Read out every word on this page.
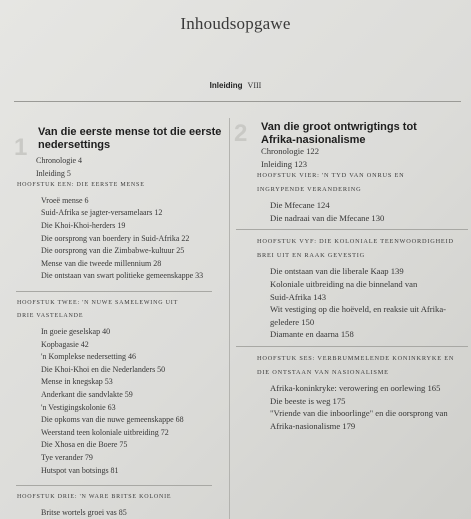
Inhoudsopgawe
Inleiding VIII
1
Van die eerste mense tot die eerste
nedersettings
Chronologie 4
Inleiding 5
HOOFSTUK EEN: DIE EERSTE MENSE
Vroeë mense 6
Suid-Afrika se jagter-versamelaars 12
Die Khoi-Khoi-herders 19
Die oorsprong van boerdery in Suid-Afrika 22
Die oorsprong van die Zimbabwe-kultuur 25
Mense van die tweede millennium 28
Die ontstaan van swart politieke gemeenskappe 33
HOOFSTUK TWEE: 'N NUWE SAMELEWING UIT
DRIE VASTELANDE
In goeie geselskap 40
Kopbagasie 42
'n Komplekse nedersetting 46
Die Khoi-Khoi en die Nederlanders 50
Mense in knegskap 53
Anderkant die sandvlakte 59
'n Vestigingskolonie 63
Die opkoms van die nuwe gemeenskappe 68
Weerstand teen koloniale uitbreiding 72
Die Xhosa en die Boere 75
Tye verander 79
Hutspot van botsings 81
HOOFSTUK DRIE: 'N WARE BRITSE KOLONIE
Britse wortels groei vas 85
2 Van die groot ontwrigtings tot
Afrika-nasionalisme
Chronologie 122
Inleiding 123
HOOFSTUK VIER: 'N TYD VAN ONRUS EN
INGRYPENDE VERANDERING
Die Mfecane 124
Die nadraai van die Mfecane 130
HOOFSTUK VYF: DIE KOLONIALE TEENWOORDIGHEID
BREI UIT EN RAAK GEVESTIG
Die ontstaan van die liberale Kaap 139
Koloniale uitbreiding na die binneland van
Suid-Afrika 143
Wit vestiging op die hoëveld, en reaksie uit Afrika-
geledere 150
Diamante en daarna 158
HOOFSTUK SES: VERBRUMMELENDE KONINKRYKE EN
DIE ONTSTAAN VAN NASIONALISME
Afrika-koninkryke: verowering en oorlewing 165
Die beeste is weg 175
"Vriende van die inboorlinge" en die oorsprong van
Afrika-nasionalisme 179
